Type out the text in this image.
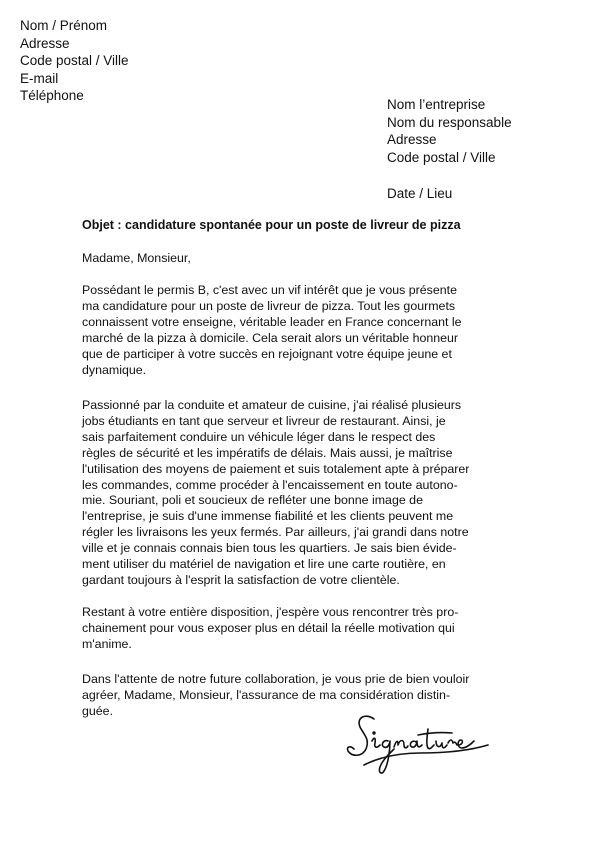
Nom / Prénom
Adresse
Code postal / Ville
E-mail
Téléphone
Nom l’entreprise
Nom du responsable
Adresse
Code postal / Ville
Date / Lieu
Objet : candidature spontanée pour un poste de livreur de pizza
Madame, Monsieur,
Possédant le permis B, c'est avec un vif intérêt que je vous présente
ma candidature pour un poste de livreur de pizza. Tout les gourmets
connaissent votre enseigne, véritable leader en France concernant le
marché de la pizza à domicile. Cela serait alors un véritable honneur
que de participer à votre succès en rejoignant votre équipe jeune et
dynamique.
Passionné par la conduite et amateur de cuisine, j'ai réalisé plusieurs
jobs étudiants en tant que serveur et livreur de restaurant. Ainsi, je
sais parfaitement conduire un véhicule léger dans le respect des
règles de sécurité et les impératifs de délais. Mais aussi, je maîtrise
l'utilisation des moyens de paiement et suis totalement apte à préparer
les commandes, comme procéder à l'encaissement en toute autono-
mie. Souriant, poli et soucieux de refléter une bonne image de
l'entreprise, je suis d'une immense fiabilité et les clients peuvent me
régler les livraisons les yeux fermés. Par ailleurs, j'ai grandi dans notre
ville et je connais connais bien tous les quartiers. Je sais bien évide-
ment utiliser du matériel de navigation et lire une carte routière, en
gardant toujours à l'esprit la satisfaction de votre clientèle.
Restant à votre entière disposition, j'espère vous rencontrer très pro-
chainement pour vous exposer plus en détail la réelle motivation qui
m'anime.
Dans l'attente de notre future collaboration, je vous prie de bien vouloir
agréer, Madame, Monsieur, l'assurance de ma considération distin-
guée.
